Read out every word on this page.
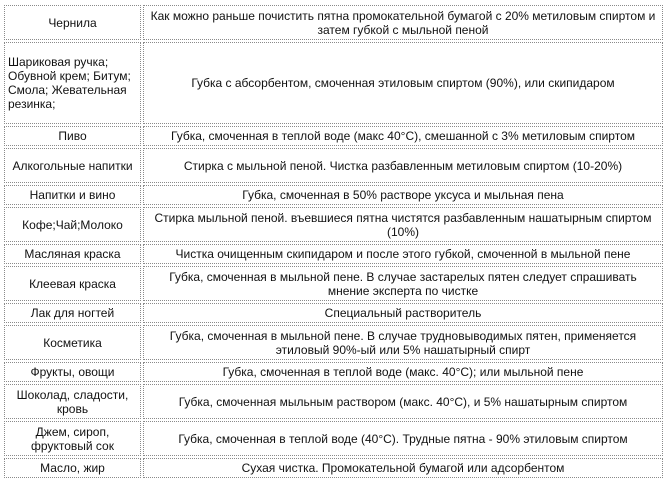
Чернила	Как можно раньше почистить пятна промокательной бумагой с 20% метиловым спиртом и затем губкой с мыльной пеной
Шариковая ручка; Обувной крем; Битум; Смола; Жевательная резинка;	Губка с абсорбентом, смоченная этиловым спиртом (90%), или скипидаром
Пиво	Губка, смоченная в теплой воде (макс 40°С), смешанной с 3% метиловым спиртом
Алкогольные напитки	Стирка с мыльной пеной. Чистка разбавленным метиловым спиртом (10-20%)
Напитки и вино	Губка, смоченная в 50% растворе уксуса и мыльная пена
Кофе;Чай;Молоко	Стирка мыльной пеной. въевшиеся пятна чистятся разбавленным нашатырным спиртом (10%)
Масляная краска	Чистка очищенным скипидаром и после этого губкой, смоченной в мыльной пене
Клеевая краска	Губка, смоченная в мыльной пене. В случае застарелых пятен следует спрашивать мнение эксперта по чистке
Лак для ногтей	Специальный растворитель
Косметика	Губка, смоченная в мыльной пене. В случае трудновыводимых пятен, применяется этиловый 90%-ый или 5% нашатырный спирт
Фрукты, овощи	Губка, смоченная в теплой воде (макс. 40°С); или мыльной пене
Шоколад, сладости, кровь	Губка, смоченная мыльным раствором (макс. 40°С), и 5% нашатырным спиртом
Джем, сироп, фруктовый сок	Губка, смоченная в теплой воде (40°С). Трудные пятна - 90% этиловым спиртом
Масло, жир	Сухая чистка. Промокательной бумагой или адсорбентом
